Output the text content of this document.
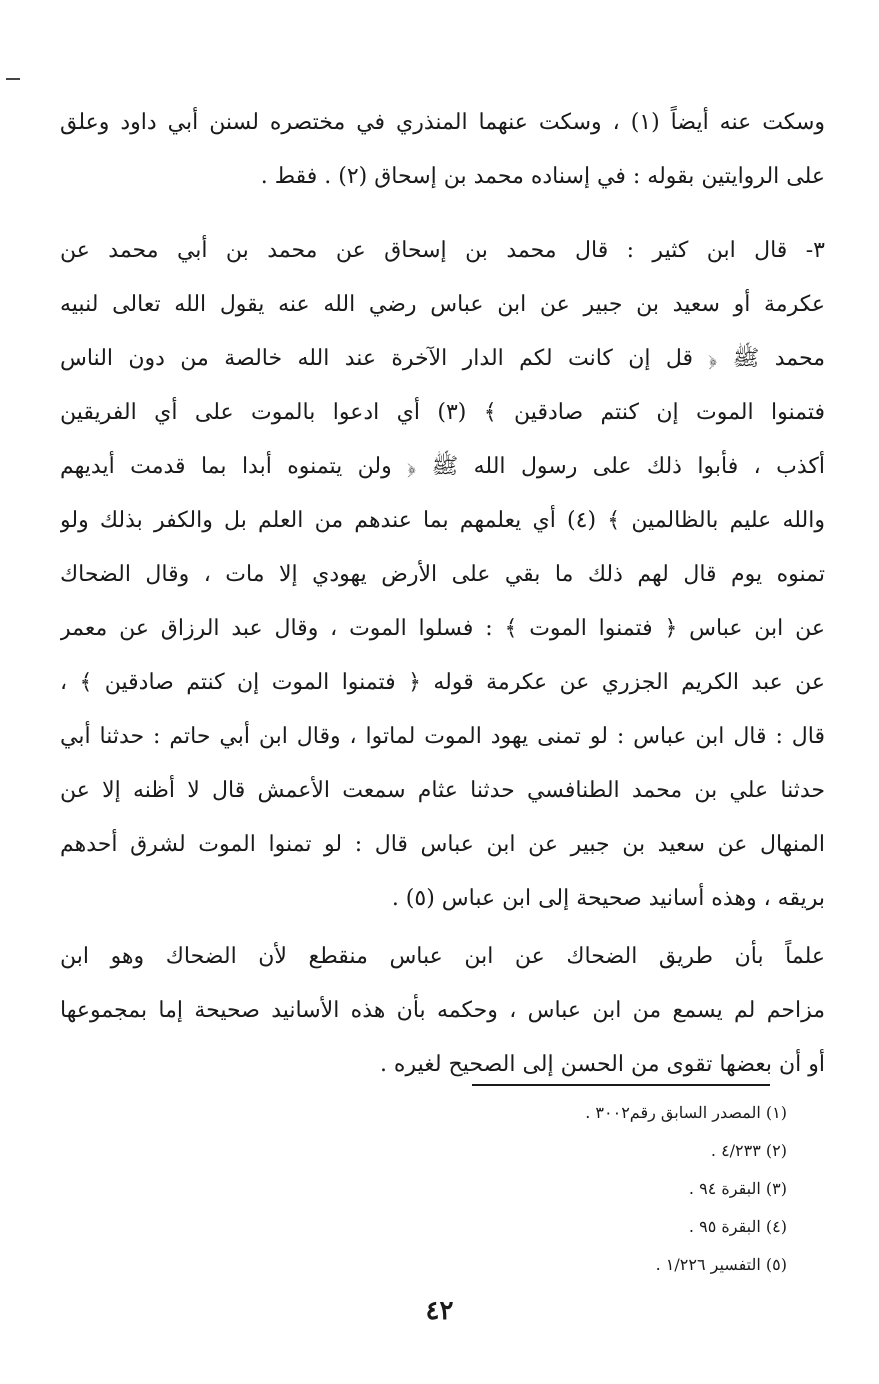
وسكت عنه أيضاً (١) ، وسكت عنهما المنذري في مختصره لسنن أبي داود وعلق
على الروايتين بقوله : في إسناده محمد بن إسحاق (٢) . فقط .

٣- قال ابن كثير : قال محمد بن إسحاق عن محمد بن أبي محمد عن
عكرمة أو سعيد بن جبير عن ابن عباس رضي الله عنه يقول الله تعالى لنبيه
محمد ﷺ ﴿ قل إن كانت لكم الدار الآخرة عند الله خالصة من دون الناس
فتمنوا الموت إن كنتم صادقين ﴾ (٣) أي ادعوا بالموت على أي الفريقين
أكذب ، فأبوا ذلك على رسول الله ﷺ ﴿ ولن يتمنوه أبدا بما قدمت أيديهم
والله عليم بالظالمين ﴾ (٤) أي يعلمهم بما عندهم من العلم بل والكفر بذلك ولو
تمنوه يوم قال لهم ذلك ما بقي على الأرض يهودي إلا مات ، وقال الضحاك
عن ابن عباس ﴿ فتمنوا الموت ﴾ : فسلوا الموت ، وقال عبد الرزاق عن معمر
عن عبد الكريم الجزري عن عكرمة قوله ﴿ فتمنوا الموت إن كنتم صادقين ﴾ ،
قال : قال ابن عباس : لو تمنى يهود الموت لماتوا ، وقال ابن أبي حاتم : حدثنا أبي
حدثنا علي بن محمد الطنافسي حدثنا عثام سمعت الأعمش قال لا أظنه إلا عن
المنهال عن سعيد بن جبير عن ابن عباس قال : لو تمنوا الموت لشرق أحدهم
بريقه ، وهذه أسانيد صحيحة إلى ابن عباس (٥) .

علماً بأن طريق الضحاك عن ابن عباس منقطع لأن الضحاك وهو ابن
مزاحم لم يسمع من ابن عباس ، وحكمه بأن هذه الأسانيد صحيحة إما بمجموعها
أو أن بعضها تقوى من الحسن إلى الصحيح لغيره .

(١) المصدر السابق رقم٣٠٠٢ .
(٢) ٤/٢٣٣ .
(٣) البقرة ٩٤ .
(٤) البقرة ٩٥ .
(٥) التفسير ١/٢٢٦ .
٤٢
